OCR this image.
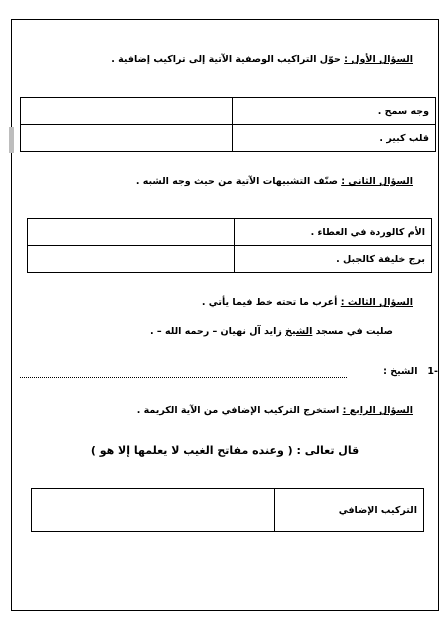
السؤال الأول : حوّل التراكيب الوصفية الآتية إلى تراكيب إضافية .
وجه سمح .	
قلب كبير .	
السؤال الثاني : صنّف التشبيهات الآتية من حيث وجه الشبه .
الأم كالوردة في العطاء .	
برج خليفة كالجبل .	
السؤال الثالث : أعرب ما تحته خط فيما يأتي .
صليت في مسجد الشيخ زايد آل نهيان – رحمه الله – .
-1   الشيخ :
السؤال الرابع : استخرج التركيب الإضافي من الآية الكريمة .
قال تعالى : ( وعنده مفاتح الغيب لا يعلمها إلا هو )
التركيب الإضافي	
